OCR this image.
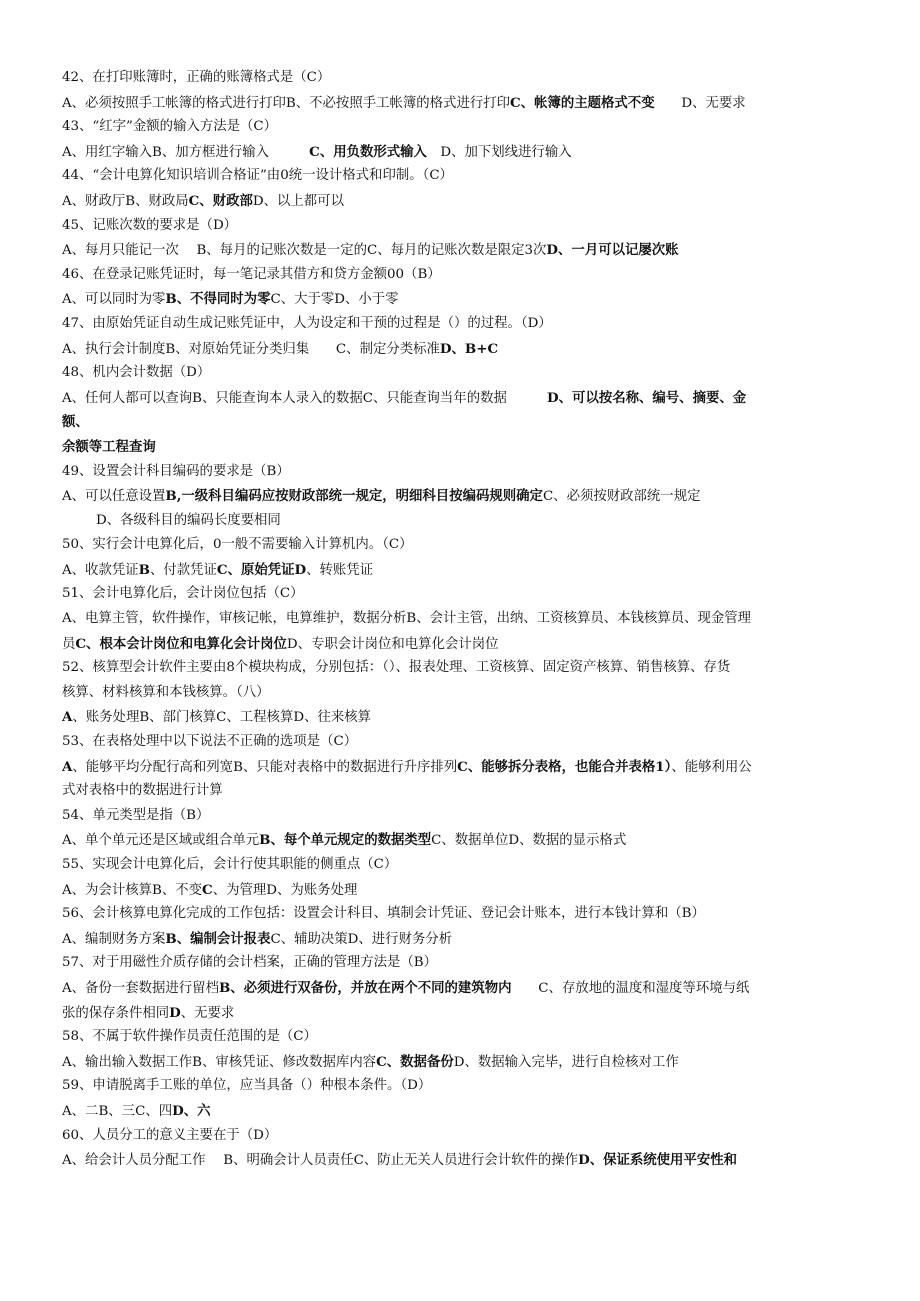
42、在打印账簿时，正确的账簿格式是（C）
A、必须按照手工帐簿的格式进行打印B、不必按照手工帐簿的格式进行打印C、帐簿的主题格式不变　　D、无要求
43、“红字”金额的输入方法是（C）
A、用红字输入B、加方框进行输入　　　C、用负数形式输入　D、加下划线进行输入
44、“会计电算化知识培训合格证”由0统一设计格式和印制。（C）
A、财政厅B、财政局C、财政部D、以上都可以
45、记账次数的要求是（D）
A、每月只能记一次　 B、每月的记账次数是一定的C、每月的记账次数是限定3次D、一月可以记屡次账
46、在登录记账凭证时，每一笔记录其借方和贷方金额00（B）
A、可以同时为零B、不得同时为零C、大于零D、小于零
47、由原始凭证自动生成记账凭证中，人为设定和干预的过程是（）的过程。（D）
A、执行会计制度B、对原始凭证分类归集　　C、制定分类标准D、B+C
48、机内会计数据（D）
A、任何人都可以查询B、只能查询本人录入的数据C、只能查询当年的数据　　　D、可以按名称、编号、摘要、金
额、
余额等工程查询
49、设置会计科目编码的要求是（B）
A、可以任意设置B,一级科目编码应按财政部统一规定，明细科目按编码规则确定C、必须按财政部统一规定
D、各级科目的编码长度要相同
50、实行会计电算化后，0一般不需要输入计算机内。（C）
A、收款凭证B、付款凭证C、原始凭证D、转账凭证
51、会计电算化后，会计岗位包括（C）
A、电算主管，软件操作，审核记帐，电算维护，数据分析B、会计主管，出纳、工资核算员、本钱核算员、现金管理
员C、根本会计岗位和电算化会计岗位D、专职会计岗位和电算化会计岗位
52、核算型会计软件主要由8个模块构成，分别包括：（）、报表处理、工资核算、固定资产核算、销售核算、存货
核算、材料核算和本钱核算。（八）
A、账务处理B、部门核算C、工程核算D、往来核算
53、在表格处理中以下说法不正确的选项是（C）
A、能够平均分配行高和列宽B、只能对表格中的数据进行升序排列C、能够拆分表格，也能合并表格1）、能够利用公
式对表格中的数据进行计算
54、单元类型是指（B）
A、单个单元还是区域或组合单元B、每个单元规定的数据类型C、数据单位D、数据的显示格式
55、实现会计电算化后，会计行使其职能的侧重点（C）
A、为会计核算B、不变C、为管理D、为账务处理
56、会计核算电算化完成的工作包括：设置会计科目、填制会计凭证、登记会计账本，进行本钱计算和（B）
A、编制财务方案B、编制会计报表C、辅助决策D、进行财务分析
57、对于用磁性介质存储的会计档案，正确的管理方法是（B）
A、备份一套数据进行留档B、必须进行双备份，并放在两个不同的建筑物内　　C、存放地的温度和湿度等环境与纸
张的保存条件相同D、无要求
58、不属于软件操作员责任范围的是（C）
A、输出输入数据工作B、审核凭证、修改数据库内容C、数据备份D、数据输入完毕，进行自检核对工作
59、申请脱离手工账的单位，应当具备（）种根本条件。（D）
A、二B、三C、四D、六
60、人员分工的意义主要在于（D）
A、给会计人员分配工作　 B、明确会计人员责任C、防止无关人员进行会计软件的操作D、保证系统使用平安性和
